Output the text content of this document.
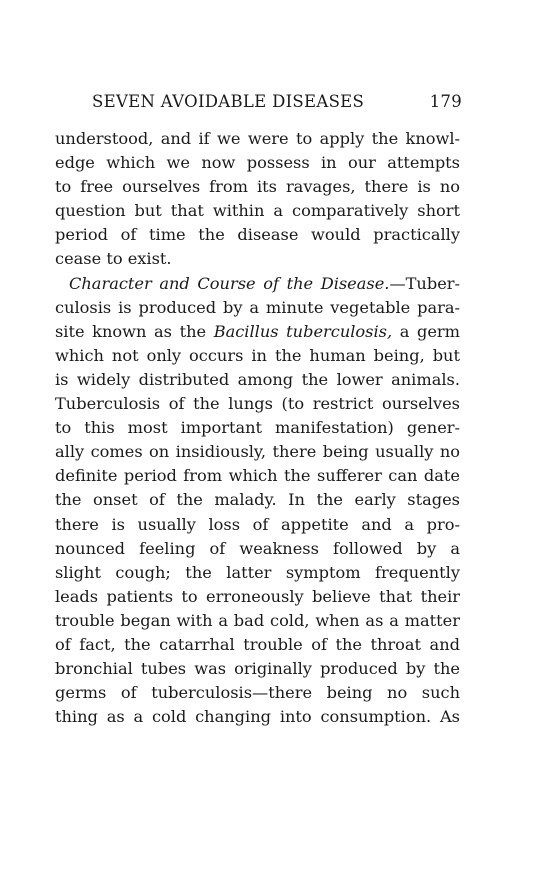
SEVEN AVOIDABLE DISEASES	179
understood, and if we were to apply the knowl-
edge which we now possess in our attempts
to free ourselves from its ravages, there is no
question but that within a comparatively short
period of time the disease would practically
cease to exist.
Character and Course of the Disease.—Tuber-
culosis is produced by a minute vegetable para-
site known as the Bacillus tuberculosis, a germ
which not only occurs in the human being, but
is widely distributed among the lower animals.
Tuberculosis of the lungs (to restrict ourselves
to this most important manifestation) gener-
ally comes on insidiously, there being usually no
definite period from which the sufferer can date
the onset of the malady. In the early stages
there is usually loss of appetite and a pro-
nounced feeling of weakness followed by a
slight cough; the latter symptom frequently
leads patients to erroneously believe that their
trouble began with a bad cold, when as a matter
of fact, the catarrhal trouble of the throat and
bronchial tubes was originally produced by the
germs of tuberculosis—there being no such
thing as a cold changing into consumption. As
